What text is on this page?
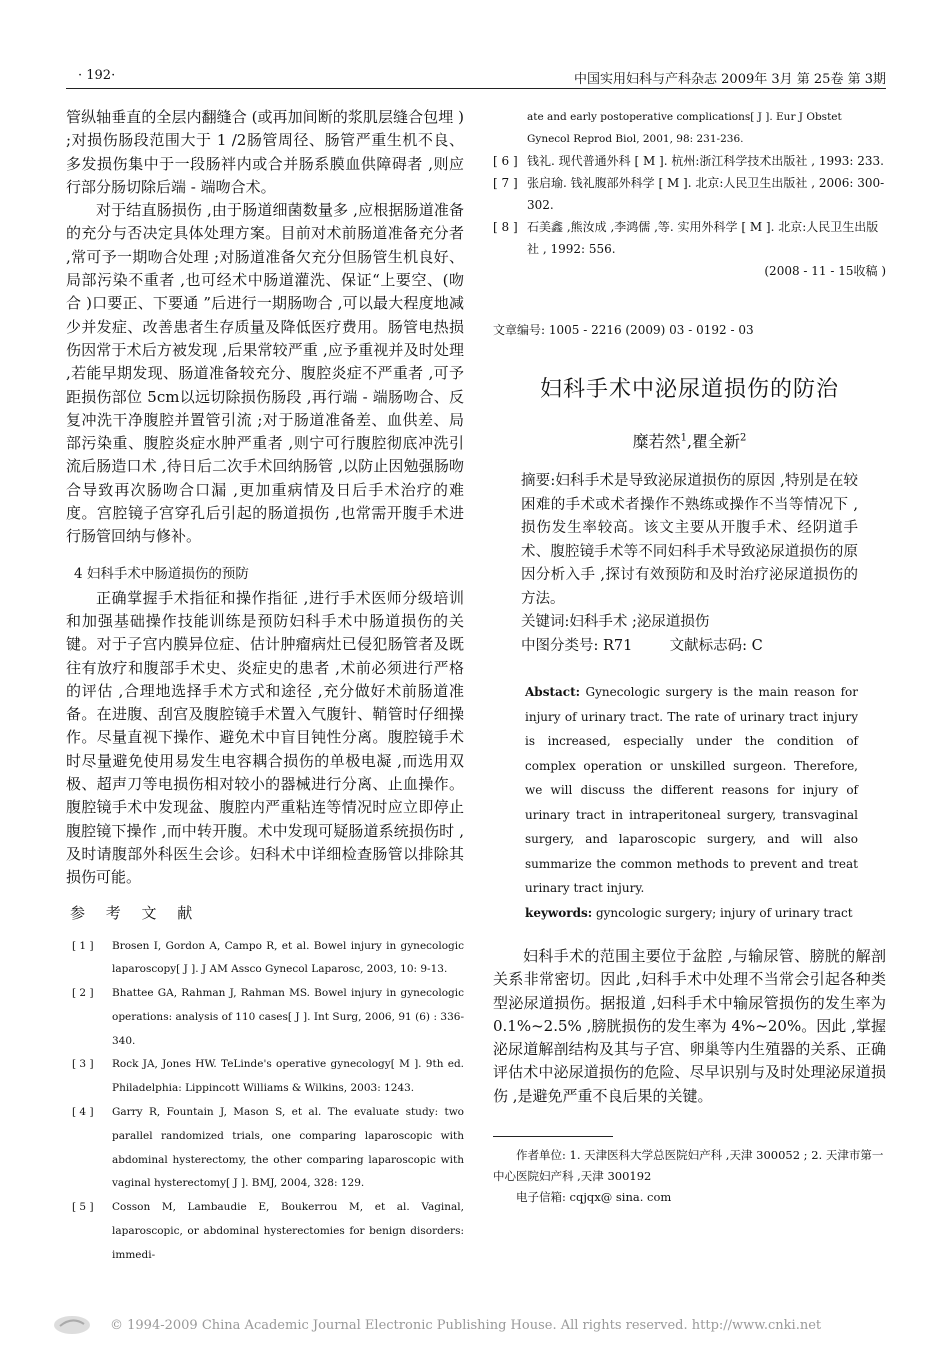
· 192·	中国实用妇科与产科杂志 2009年 3月 第 25卷 第 3期

管纵轴垂直的全层内翻缝合 (或再加间断的浆肌层缝合包埋 ) ;对损伤肠段范围大于 1 /2肠管周径、肠管严重生机不良、多发损伤集中于一段肠袢内或合并肠系膜血供障碍者 ,则应行部分肠切除后端 - 端吻合术。

对于结直肠损伤 ,由于肠道细菌数量多 ,应根据肠道准备的充分与否决定具体处理方案。目前对术前肠道准备充分者 ,常可予一期吻合处理 ;对肠道准备欠充分但肠管生机良好、局部污染不重者 ,也可经术中肠道灌洗、保证“上要空、(吻合 )口要正、下要通 ”后进行一期肠吻合 ,可以最大程度地减少并发症、改善患者生存质量及降低医疗费用。肠管电热损伤因常于术后方被发现 ,后果常较严重 ,应予重视并及时处理 ,若能早期发现、肠道准备较充分、腹腔炎症不严重者 ,可予距损伤部位 5cm以远切除损伤肠段 ,再行端 - 端肠吻合、反复冲洗干净腹腔并置管引流 ;对于肠道准备差、血供差、局部污染重、腹腔炎症水肿严重者 ,则宁可行腹腔彻底冲洗引流后肠造口术 ,待日后二次手术回纳肠管 ,以防止因勉强肠吻合导致再次肠吻合口漏 ,更加重病情及日后手术治疗的难度。宫腔镜子宫穿孔后引起的肠道损伤 ,也常需开腹手术进行肠管回纳与修补。

4 妇科手术中肠道损伤的预防

正确掌握手术指征和操作指征 ,进行手术医师分级培训和加强基础操作技能训练是预防妇科手术中肠道损伤的关键。对于子宫内膜异位症、估计肿瘤病灶已侵犯肠管者及既往有放疗和腹部手术史、炎症史的患者 ,术前必须进行严格的评估 ,合理地选择手术方式和途径 ,充分做好术前肠道准备。在进腹、刮宫及腹腔镜手术置入气腹针、鞘管时仔细操作。尽量直视下操作、避免术中盲目钝性分离。腹腔镜手术时尽量避免使用易发生电容耦合损伤的单极电凝 ,而选用双极、超声刀等电损伤相对较小的器械进行分离、止血操作。腹腔镜手术中发现盆、腹腔内严重粘连等情况时应立即停止腹腔镜下操作 ,而中转开腹。术中发现可疑肠道系统损伤时 ,及时请腹部外科医生会诊。妇科术中详细检查肠管以排除其损伤可能。

参 考 文 献
[ 1 ]	Brosen I, Gordon A, Campo R, et al. Bowel injury in gynecologic laparoscopy[ J ]. J AM Assco Gynecol Laparosc, 2003, 10: 9-13.
[ 2 ]	Bhattee GA, Rahman J, Rahman MS. Bowel injury in gynecologic operations: analysis of 110 cases[ J ]. Int Surg, 2006, 91 (6) : 336-340.
[ 3 ]	Rock JA, Jones HW. TeLinde's operative gynecology[ M ]. 9th ed. Philadelphia: Lippincott Williams & Wilkins, 2003: 1243.
[ 4 ]	Garry R, Fountain J, Mason S, et al. The evaluate study: two parallel randomized trials, one comparing laparoscopic with abdominal hysterectomy, the other comparing laparoscopic with vaginal hysterectomy[ J ]. BMJ, 2004, 328: 129.
[ 5 ]	Cosson M, Lambaudie E, Boukerrou M, et al. Vaginal, laparoscopic, or abdominal hysterectomies for benign disorders: immedi-
ate and early postoperative complications[ J ]. Eur J Obstet Gynecol Reprod Biol, 2001, 98: 231-236.
[ 6 ] 钱礼. 现代普通外科 [ M ]. 杭州:浙江科学技术出版社 , 1993: 233.
[ 7 ] 张启瑜. 钱礼腹部外科学 [ M ]. 北京:人民卫生出版社 , 2006: 300-302.
[ 8 ] 石美鑫 ,熊汝成 ,李鸿儒 ,等. 实用外科学 [ M ]. 北京:人民卫生出版社 , 1992: 556.
(2008 - 11 - 15收稿 )
文章编号: 1005 - 2216 (2009) 03 - 0192 - 03
妇科手术中泌尿道损伤的防治
糜若然$^1$,瞿全新$^2$

摘要:妇科手术是导致泌尿道损伤的原因 ,特别是在较困难的手术或术者操作不熟练或操作不当等情况下 ,损伤发生率较高。该文主要从开腹手术、经阴道手术、腹腔镜手术等不同妇科手术导致泌尿道损伤的原因分析入手 ,探讨有效预防和及时治疗泌尿道损伤的方法。

关键词:妇科手术 ;泌尿道损伤

中图分类号: R71	文献标志码: C

Abstact: Gynecologic surgery is the main reason for injury of urinary tract. The rate of urinary tract injury is increased, especially under the condition of complex operation or unskilled surgeon. Therefore, we will discuss the different reasons for injury of urinary tract in intraperitoneal surgery, transvaginal surgery, and laparoscopic surgery, and will also summarize the common methods to prevent and treat urinary tract injury.
keywords: gyncologic surgery; injury of urinary tract

妇科手术的范围主要位于盆腔 ,与输尿管、膀胱的解剖关系非常密切。因此 ,妇科手术中处理不当常会引起各种类型泌尿道损伤。据报道 ,妇科手术中输尿管损伤的发生率为 0.1%~2.5% ,膀胱损伤的发生率为 4%~20%。因此 ,掌握泌尿道解剖结构及其与子宫、卵巢等内生殖器的关系、正确评估术中泌尿道损伤的危险、尽早识别与及时处理泌尿道损伤 ,是避免严重不良后果的关键。

作者单位: 1. 天津医科大学总医院妇产科 ,天津 300052 ; 2. 天津市第一中心医院妇产科 ,天津 300192

电子信箱: cqjqx@ sina. com

© 1994-2009 China Academic Journal Electronic Publishing House. All rights reserved. http://www.cnki.net
